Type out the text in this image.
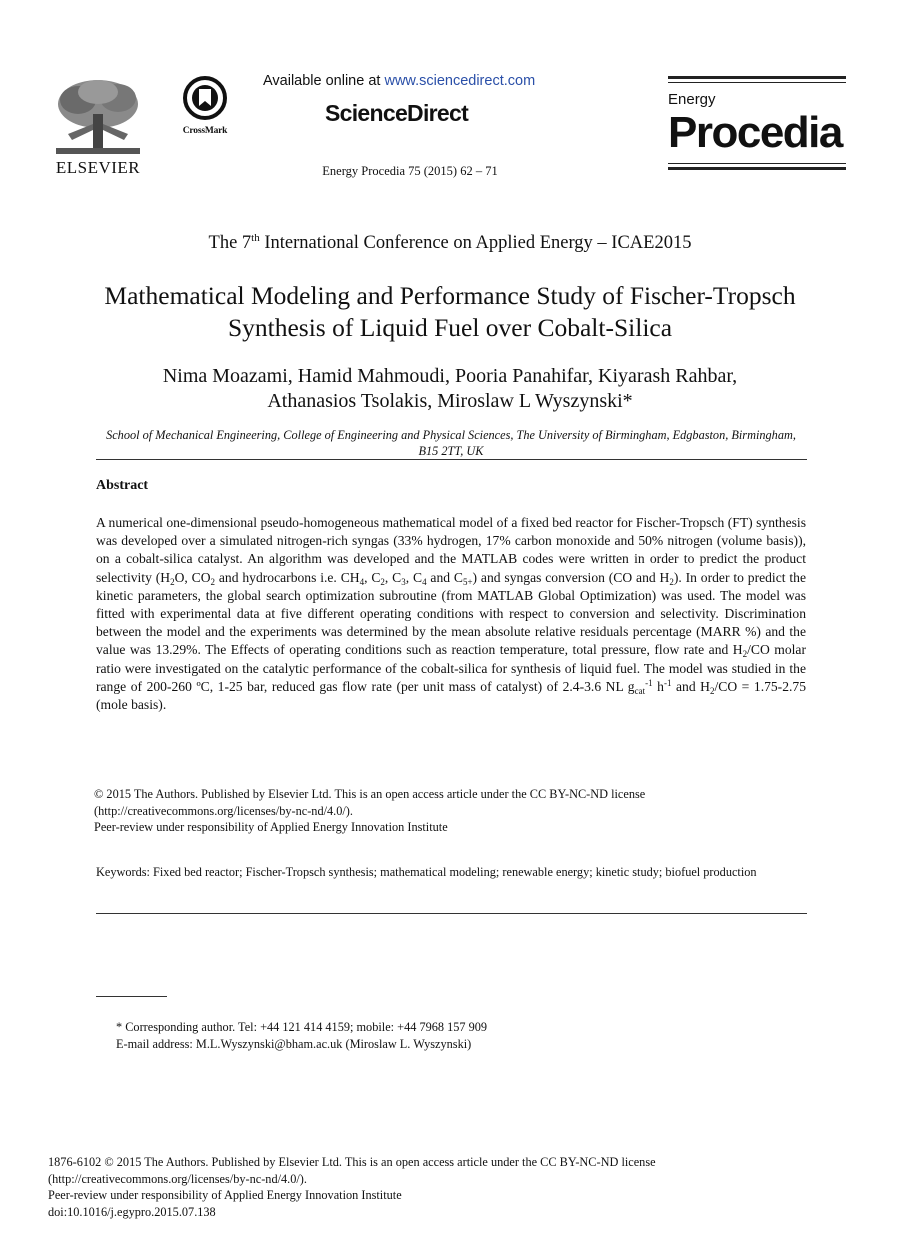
ELSEVIER
CrossMark
Available online at www.sciencedirect.com
ScienceDirect
Energy Procedia 75 (2015) 62 – 71
Energy
Procedia
The 7th International Conference on Applied Energy – ICAE2015
Mathematical Modeling and Performance Study of Fischer-Tropsch Synthesis of Liquid Fuel over Cobalt-Silica
Nima Moazami, Hamid Mahmoudi, Pooria Panahifar, Kiyarash Rahbar,
Athanasios Tsolakis, Miroslaw L Wyszynski*
School of Mechanical Engineering, College of Engineering and Physical Sciences, The University of Birmingham, Edgbaston, Birmingham, B15 2TT, UK
Abstract

A numerical one-dimensional pseudo-homogeneous mathematical model of a fixed bed reactor for Fischer-Tropsch (FT) synthesis was developed over a simulated nitrogen-rich syngas (33% hydrogen, 17% carbon monoxide and 50% nitrogen (volume basis)), on a cobalt-silica catalyst. An algorithm was developed and the MATLAB codes were written in order to predict the product selectivity ($H_2O$, $CO_2$ and hydrocarbons i.e. $CH_4$, $C_2$, $C_3$, $C_4$ and $C_{5+}$) and syngas conversion (CO and $H_2$). In order to predict the kinetic parameters, the global search optimization subroutine (from MATLAB Global Optimization) was used. The model was fitted with experimental data at five different operating conditions with respect to conversion and selectivity. Discrimination between the model and the experiments was determined by the mean absolute relative residuals percentage (MARR %) and the value was 13.29%. The Effects of operating conditions such as reaction temperature, total pressure, flow rate and $H_2/CO$ molar ratio were investigated on the catalytic performance of the cobalt-silica for synthesis of liquid fuel. The model was studied in the range of 200-260 ºC, 1-25 bar, reduced gas flow rate (per unit mass of catalyst) of 2.4-3.6 NL $g_{cat}^{-1}$ $h^{-1}$ and $H_2/CO = 1.75-2.75$ (mole basis).

© 2015 The Authors. Published by Elsevier Ltd. This is an open access article under the CC BY-NC-ND license
(http://creativecommons.org/licenses/by-nc-nd/4.0/).
Peer-review under responsibility of Applied Energy Innovation Institute
Keywords: Fixed bed reactor; Fischer-Tropsch synthesis; mathematical modeling; renewable energy; kinetic study; biofuel production
* Corresponding author. Tel: +44 121 414 4159; mobile: +44 7968 157 909
E-mail address: M.L.Wyszynski@bham.ac.uk (Miroslaw L. Wyszynski)
1876-6102 © 2015 The Authors. Published by Elsevier Ltd. This is an open access article under the CC BY-NC-ND license
(http://creativecommons.org/licenses/by-nc-nd/4.0/).
Peer-review under responsibility of Applied Energy Innovation Institute
doi:10.1016/j.egypro.2015.07.138
